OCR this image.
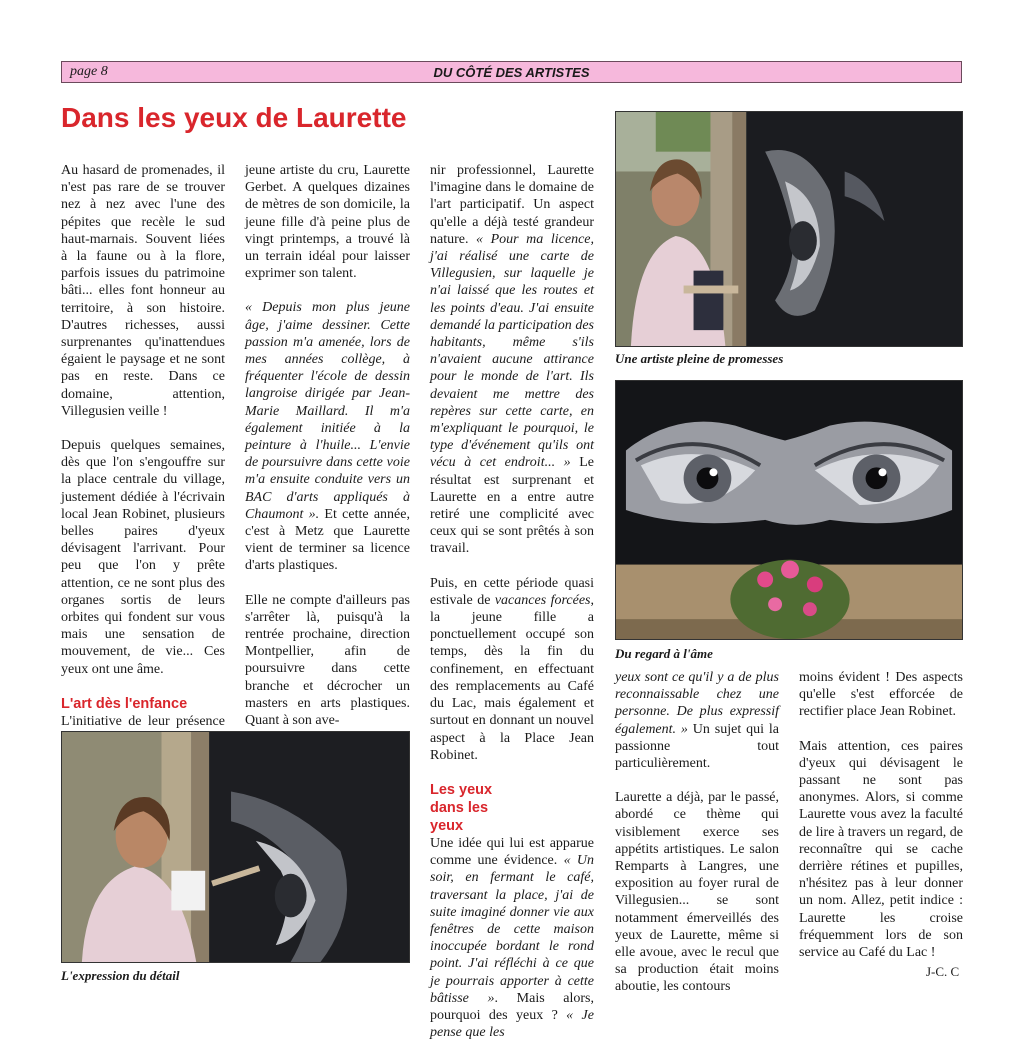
page 8	DU CÔTÉ DES ARTISTES
Dans les yeux de Laurette

Au hasard de promenades, il n'est pas rare de se trouver nez à nez avec l'une des pépites que recèle le sud haut-marnais. Souvent liées à la faune ou à la flore, parfois issues du patrimoine bâti... elles font honneur au territoire, à son histoire. D'autres richesses, aussi surprenantes qu'inattendues égaient le paysage et ne sont pas en reste. Dans ce domaine, attention, Villegusien veille !

Depuis quelques semaines, dès que l'on s'engouffre sur la place centrale du village, justement dédiée à l'écrivain local Jean Robinet, plusieurs belles paires d'yeux dévisagent l'arrivant. Pour peu que l'on y prête attention, ce ne sont plus des organes sortis de leurs orbites qui fondent sur vous mais une sensation de mouvement, de vie... Ces yeux ont une âme.

L'art dès l'enfance

L'initiative de leur présence

jeune artiste du cru, Laurette Gerbet. A quelques dizaines de mètres de son domicile, la jeune fille d'à peine plus de vingt printemps, a trouvé là un terrain idéal pour laisser exprimer son talent.

« Depuis mon plus jeune âge, j'aime dessiner. Cette passion m'a amenée, lors de mes années collège, à fréquenter l'école de dessin langroise dirigée par Jean-Marie Maillard. Il m'a également initiée à la peinture à l'huile... L'envie de poursuivre dans cette voie m'a ensuite conduite vers un BAC d'arts appliqués à Chaumont ». Et cette année, c'est à Metz que Laurette vient de terminer sa licence d'arts plastiques.

Elle ne compte d'ailleurs pas s'arrêter là, puisqu'à la rentrée prochaine, direction Montpellier, afin de poursuivre dans cette branche et décrocher un masters en arts plastiques. Quant à son ave-

nir professionnel, Laurette l'imagine dans le domaine de l'art participatif. Un aspect qu'elle a déjà testé grandeur nature. « Pour ma licence, j'ai réalisé une carte de Villegusien, sur laquelle je n'ai laissé que les routes et les points d'eau. J'ai ensuite demandé la participation des habitants, même s'ils n'avaient aucune attirance pour le monde de l'art. Ils devaient me mettre des repères sur cette carte, en m'expliquant le pourquoi, le type d'événement qu'ils ont vécu à cet endroit... » Le résultat est surprenant et Laurette en a entre autre retiré une complicité avec ceux qui se sont prêtés à son travail.

Puis, en cette période quasi estivale de vacances forcées, la jeune fille a ponctuellement occupé son temps, dès la fin du confinement, en effectuant des remplacements au Café du Lac, mais également et surtout en donnant un nouvel aspect à la Place Jean Robinet.

Les yeux dans les yeux

Une idée qui lui est apparue comme une évidence. « Un soir, en fermant le café, traversant la place, j'ai de suite imaginé donner vie aux fenêtres de cette maison inoccupée bordant le rond point. J'ai réfléchi à ce que je pourrais apporter à cette bâtisse ». Mais alors, pourquoi des yeux ? « Je pense que les

yeux sont ce qu'il y a de plus reconnaissable chez une personne. De plus expressif également. » Un sujet qui la passionne tout particulièrement.

Laurette a déjà, par le passé, abordé ce thème qui visiblement exerce ses appétits artistiques. Le salon Remparts à Langres, une exposition au foyer rural de Villegusien... se sont notamment émerveillés des yeux de Laurette, même si elle avoue, avec le recul que sa production était moins aboutie, les contours

moins évident ! Des aspects qu'elle s'est efforcée de rectifier place Jean Robinet.

Mais attention, ces paires d'yeux qui dévisagent le passant ne sont pas anonymes. Alors, si comme Laurette vous avez la faculté de lire à travers un regard, de reconnaître qui se cache derrière rétines et pupilles, n'hésitez pas à leur donner un nom. Allez, petit indice : Laurette les croise fréquemment lors de son service au Café du Lac !

Une artiste pleine de promesses
Du regard à l'âme
L'expression du détail	J-C. C
